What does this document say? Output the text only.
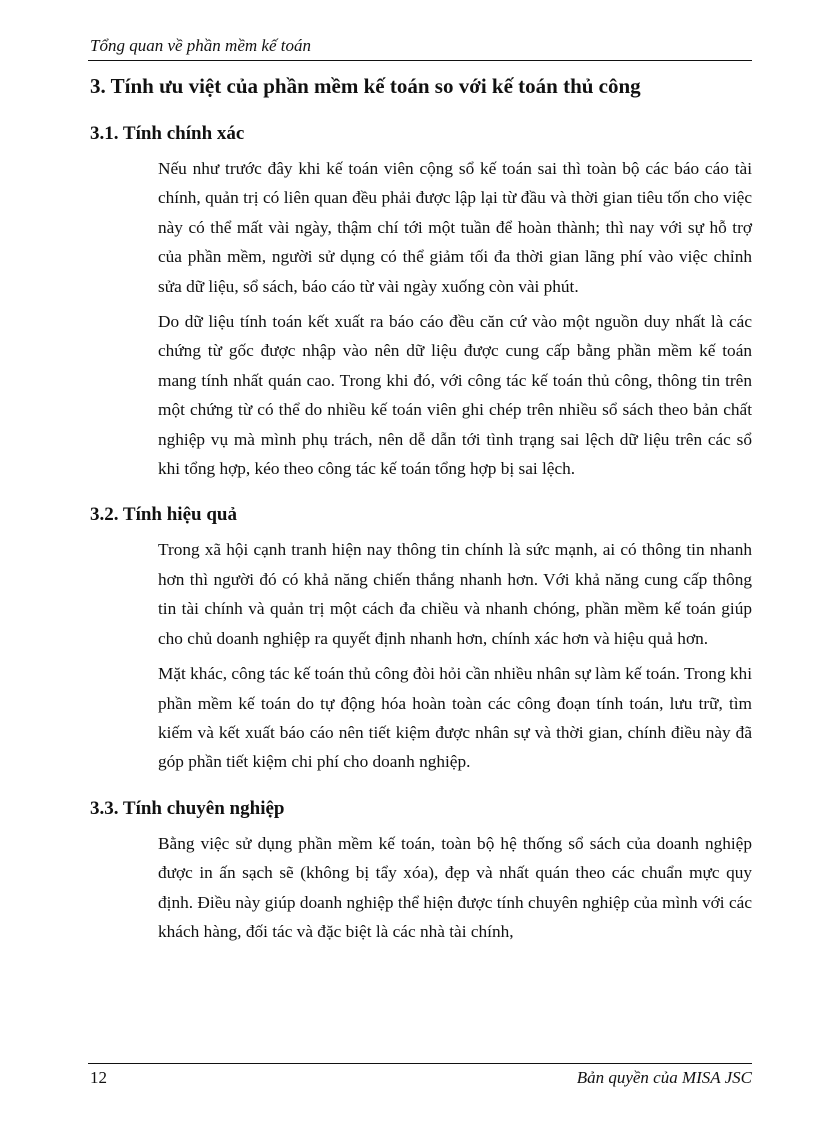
Tổng quan về phần mềm kế toán
3. Tính ưu việt của phần mềm kế toán so với kế toán thủ công
3.1. Tính chính xác

Nếu như trước đây khi kế toán viên cộng sổ kế toán sai thì toàn bộ các báo cáo tài chính, quản trị có liên quan đều phải được lập lại từ đầu và thời gian tiêu tốn cho việc này có thể mất vài ngày, thậm chí tới một tuần để hoàn thành; thì nay với sự hỗ trợ của phần mềm, người sử dụng có thể giảm tối đa thời gian lãng phí vào việc chỉnh sửa dữ liệu, sổ sách, báo cáo từ vài ngày xuống còn vài phút.

Do dữ liệu tính toán kết xuất ra báo cáo đều căn cứ vào một nguồn duy nhất là các chứng từ gốc được nhập vào nên dữ liệu được cung cấp bằng phần mềm kế toán mang tính nhất quán cao. Trong khi đó, với công tác kế toán thủ công, thông tin trên một chứng từ có thể do nhiều kế toán viên ghi chép trên nhiều sổ sách theo bản chất nghiệp vụ mà mình phụ trách, nên dễ dẫn tới tình trạng sai lệch dữ liệu trên các sổ khi tổng hợp, kéo theo công tác kế toán tổng hợp bị sai lệch.

3.2. Tính hiệu quả

Trong xã hội cạnh tranh hiện nay thông tin chính là sức mạnh, ai có thông tin nhanh hơn thì người đó có khả năng chiến thắng nhanh hơn. Với khả năng cung cấp thông tin tài chính và quản trị một cách đa chiều và nhanh chóng, phần mềm kế toán giúp cho chủ doanh nghiệp ra quyết định nhanh hơn, chính xác hơn và hiệu quả hơn.

Mặt khác, công tác kế toán thủ công đòi hỏi cần nhiều nhân sự làm kế toán. Trong khi phần mềm kế toán do tự động hóa hoàn toàn các công đoạn tính toán, lưu trữ, tìm kiếm và kết xuất báo cáo nên tiết kiệm được nhân sự và thời gian, chính điều này đã góp phần tiết kiệm chi phí cho doanh nghiệp.

3.3. Tính chuyên nghiệp

Bằng việc sử dụng phần mềm kế toán, toàn bộ hệ thống sổ sách của doanh nghiệp được in ấn sạch sẽ (không bị tẩy xóa), đẹp và nhất quán theo các chuẩn mực quy định. Điều này giúp doanh nghiệp thể hiện được tính chuyên nghiệp của mình với các khách hàng, đối tác và đặc biệt là các nhà tài chính,

12	Bản quyền của MISA JSC
